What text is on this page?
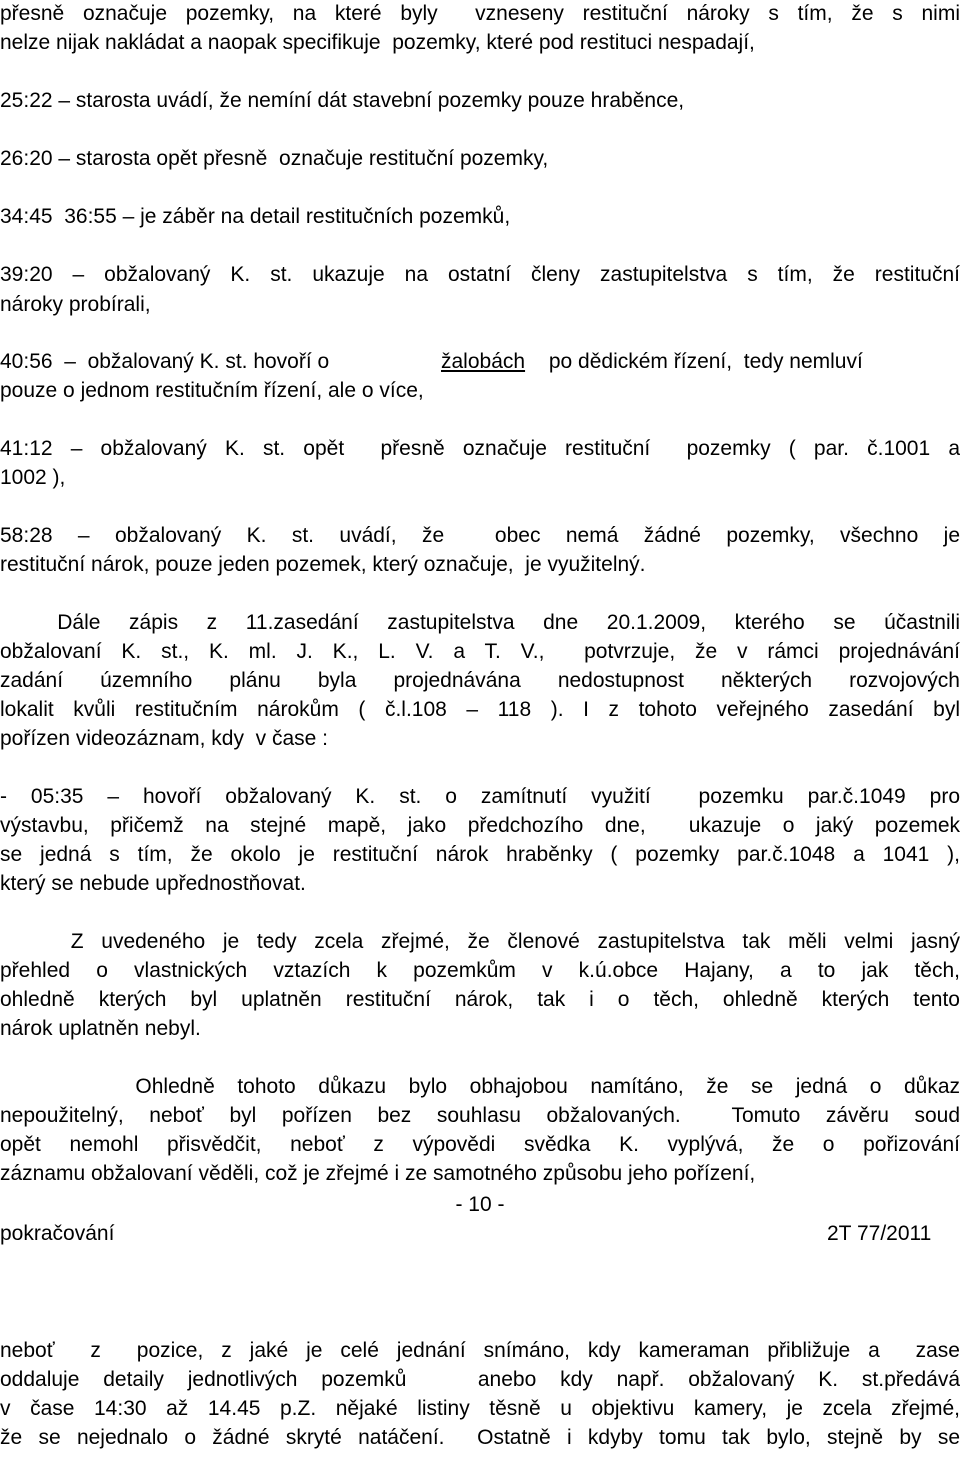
přesně označuje pozemky, na které byly  vzneseny restituční nároky s tím, že s nimi
nelze nijak nakládat a naopak specifikuje  pozemky, které pod restituci nespadají,
25:22 – starosta uvádí, že nemíní dát stavební pozemky pouze hraběnce,
26:20 – starosta opět přesně  označuje restituční pozemky,
34:45  36:55 – je záběr na detail restitučních pozemků,
39:20 – obžalovaný K. st. ukazuje na ostatní členy zastupitelstva s tím, že restituční
nároky probírali,

40:56  –  obžalovaný K. st. hovoří o

	žalobách

po dědickém řízení,  tedy nemluví

pouze o jednom restitučním řízení, ale o více,
41:12 – obžalovaný K. st. opět  přesně označuje restituční  pozemky ( par. č.1001 a
1002 ),
58:28 – obžalovaný K. st. uvádí, že  obec nemá žádné pozemky, všechno je
restituční nárok, pouze jeden pozemek, který označuje,  je využitelný.
Dále zápis z 11.zasedání zastupitelstva dne 20.1.2009, kterého se účastnili
obžalovaní K. st., K. ml. J. K., L. V. a T. V.,  potvrzuje, že v rámci projednávání
zadání územního plánu byla projednávána nedostupnost některých rozvojových
lokalit kvůli restitučním nárokům ( č.l.108 – 118 ). I z tohoto veřejného zasedání byl
pořízen videozáznam, kdy  v čase :
- 05:35 – hovoří obžalovaný K. st. o zamítnutí využití  pozemku par.č.1049 pro
výstavbu, přičemž na stejné mapě, jako předchozího dne,  ukazuje o jaký pozemek
se jedná s tím, že okolo je restituční nárok hraběnky ( pozemky par.č.1048 a 1041 ),
který se nebude upřednostňovat.
Z uvedeného je tedy zcela zřejmé, že členové zastupitelstva tak měli velmi jasný
přehled o vlastnických vztazích k pozemkům v k.ú.obce Hajany, a to jak těch,
ohledně kterých byl uplatněn restituční nárok, tak i o těch, ohledně kterých tento
nárok uplatněn nebyl.
Ohledně tohoto důkazu bylo obhajobou namítáno, že se jedná o důkaz
nepoužitelný, neboť byl pořízen bez souhlasu obžalovaných.  Tomuto závěru soud
opět nemohl přisvědčit, neboť z výpovědi svědka K. vyplývá, že o pořizování
záznamu obžalovaní věděli, což je zřejmé i ze samotného způsobu jeho pořízení,
- 10 -

pokračování

	2T 77/2011

neboť  z  pozice, z jaké je celé jednání snímáno, kdy kameraman přibližuje a  zase
oddaluje detaily jednotlivých pozemků   anebo kdy např. obžalovaný K. st.předává
v čase 14:30 až 14.45 p.Z. nějaké listiny těsně u objektivu kamery, je zcela zřejmé,
že se nejednalo o žádné skryté natáčení.  Ostatně i kdyby tomu tak bylo, stejně by se
